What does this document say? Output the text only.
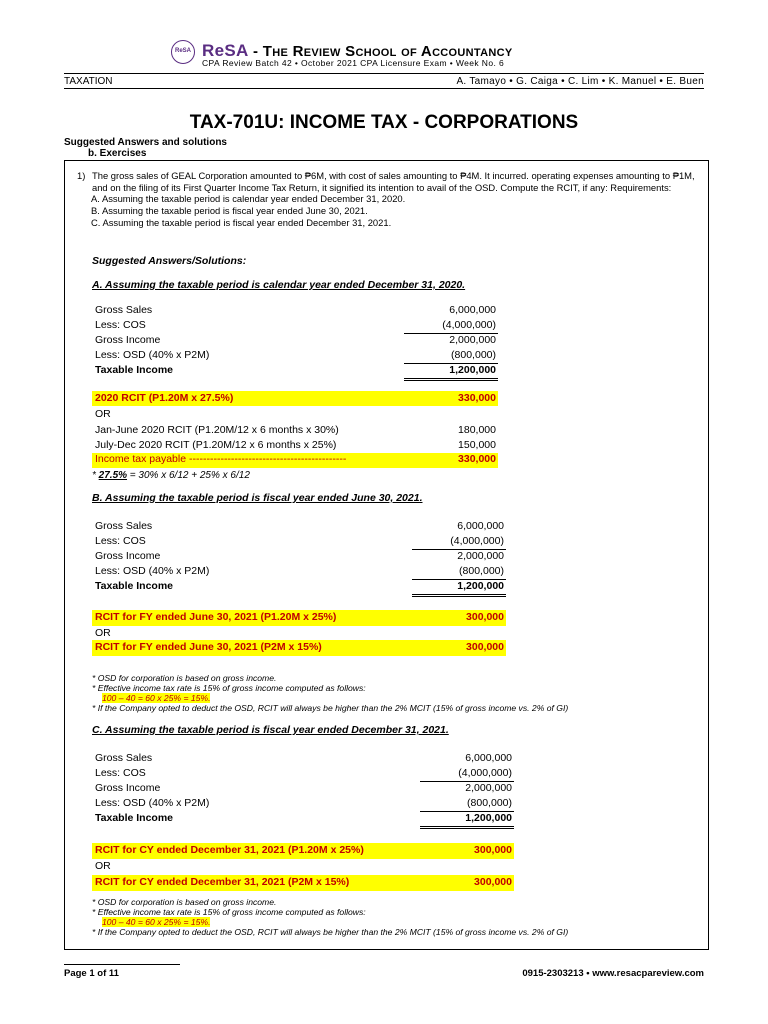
ReSA ReSA - The Review School of Accountancy
CPA Review Batch 42 • October 2021 CPA Licensure Exam • Week No. 6
TAXATION	A. Tamayo • G. Caiga • C. Lim • K. Manuel • E. Buen
TAX-701U: INCOME TAX - CORPORATIONS
Suggested Answers and solutions
b. Exercises
1) The gross sales of GEAL Corporation amounted to ₱6M, with cost of sales amounting to ₱4M. It incurred. operating expenses amounting to ₱1M, and on the filing of its First Quarter Income Tax Return, it signified its intention to avail of the OSD. Compute the RCIT, if any: Requirements:
A. Assuming the taxable period is calendar year ended December 31, 2020.
B. Assuming the taxable period is fiscal year ended June 30, 2021.
C. Assuming the taxable period is fiscal year ended December 31, 2021.
Suggested Answers/Solutions:
A. Assuming the taxable period is calendar year ended December 31, 2020.
Gross Sales	6,000,000
Less: COS	(4,000,000)
Gross Income	2,000,000
Less: OSD (40% x P2M)	(800,000)
Taxable Income	1,200,000
2020 RCIT (P1.20M x 27.5%)	330,000
OR
Jan-June 2020 RCIT (P1.20M/12 x 6 months x 30%)	180,000
July-Dec 2020 RCIT (P1.20M/12 x 6 months x 25%)	150,000
Income tax payable ---------------------------------------------	330,000
* 27.5% = 30% x 6/12 + 25% x 6/12
B. Assuming the taxable period is fiscal year ended June 30, 2021.
Gross Sales	6,000,000
Less: COS	(4,000,000)
Gross Income	2,000,000
Less: OSD (40% x P2M)	(800,000)
Taxable Income	1,200,000
RCIT for FY ended June 30, 2021 (P1.20M x 25%)	300,000
OR
RCIT for FY ended June 30, 2021 (P2M x 15%)	300,000
* OSD for corporation is based on gross income.
* Effective income tax rate is 15% of gross income computed as follows:
100 – 40 = 60 x 25% = 15%.
* If the Company opted to deduct the OSD, RCIT will always be higher than the 2% MCIT (15% of gross income vs. 2% of GI)
C. Assuming the taxable period is fiscal year ended December 31, 2021.
Gross Sales	6,000,000
Less: COS	(4,000,000)
Gross Income	2,000,000
Less: OSD (40% x P2M)	(800,000)
Taxable Income	1,200,000
RCIT for CY ended December 31, 2021 (P1.20M x 25%)	300,000
OR
RCIT for CY ended December 31, 2021 (P2M x 15%)	300,000
* OSD for corporation is based on gross income.
* Effective income tax rate is 15% of gross income computed as follows:
100 – 40 = 60 x 25% = 15%.
* If the Company opted to deduct the OSD, RCIT will always be higher than the 2% MCIT (15% of gross income vs. 2% of GI)
Page 1 of 11	0915-2303213 • www.resacpareview.com
